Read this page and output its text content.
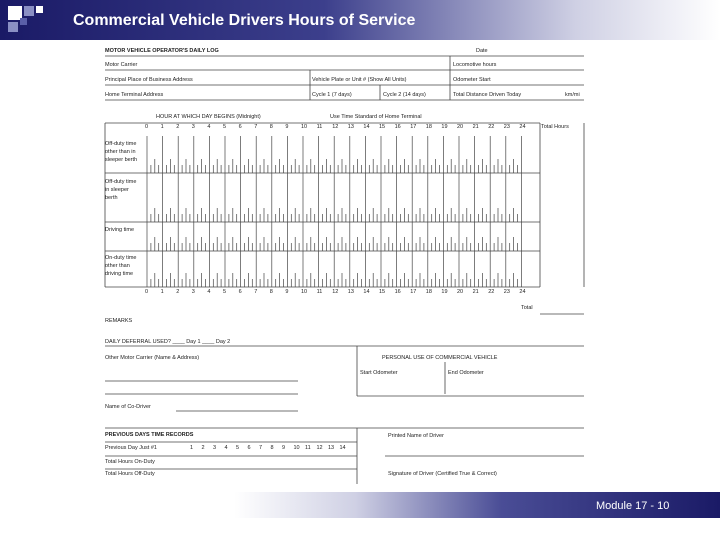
Commercial Vehicle Drivers Hours of Service
MOTOR VEHICLE OPERATOR'S DAILY LOG	Date
Motor Carrier	Locomotive hours
Principal Place of Business Address	Vehicle Plate or Unit # (Show All Units)	Odometer Start
Home Terminal Address	Cycle 1 (7 days)	Cycle 2 (14 days)	Total Distance Driven Today	km/mi
HOUR AT WHICH DAY BEGINS (Midnight)	Use Time Standard of Home Terminal
0 1 2 3 4 5 6 7 8 9 10 11 12 13 14 15 16 17 18 19 20 21 22 23 24	Total Hours
Off-duty time
other than in
sleeper berth
Off-duty time
in sleeper
berth
Driving time
On-duty time
other than
driving time
0 1 2 3 4 5 6 7 8 9 10 11 12 13 14 15 16 17 18 19 20 21 22 23 24
Total
REMARKS
DAILY DEFERRAL USED? ____ Day 1 ____ Day 2
Other Motor Carrier (Name & Address)	PERSONAL USE OF COMMERCIAL VEHICLE
Start Odometer	End Odometer
Name of Co-Driver
PREVIOUS DAYS TIME RECORDS
Previous Day Just #1	1 2 3 4 5 6 7 8 9 10 11 12 13 14
Total Hours On-Duty
Total Hours Off-Duty
Printed Name of Driver
Signature of Driver (Certified True & Correct)
Module 17 - 10
